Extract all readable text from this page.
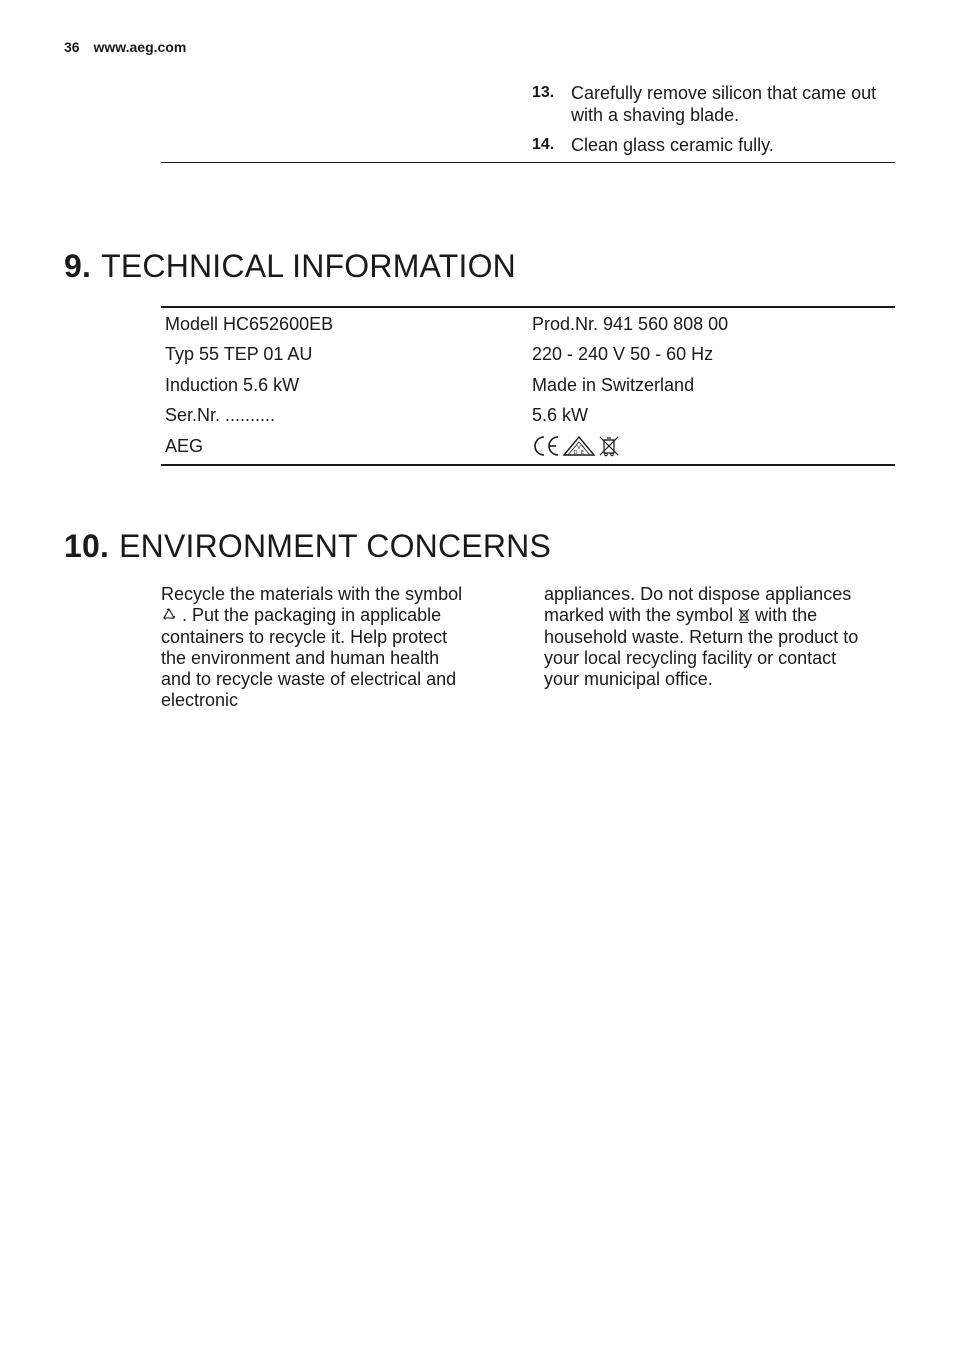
36 www.aeg.com
13. Carefully remove silicon that came out with a shaving blade.
14. Clean glass ceramic fully.
9. TECHNICAL INFORMATION
Modell HC652600EB	Prod.Nr. 941 560 808 00
Typ 55 TEP 01 AU	220 - 240 V 50 - 60 Hz
Induction 5.6 kW	Made in Switzerland
Ser.Nr. ..........	5.6 kW
AEG	V
D E
10. ENVIRONMENT CONCERNS
Recycle the materials with the symbol  . Put the packaging in applicable containers to recycle it. Help protect the environment and human health and to recycle waste of electrical and electronic
appliances. Do not dispose appliances marked with the symbol with the household waste. Return the product to your local recycling facility or contact your municipal office.
